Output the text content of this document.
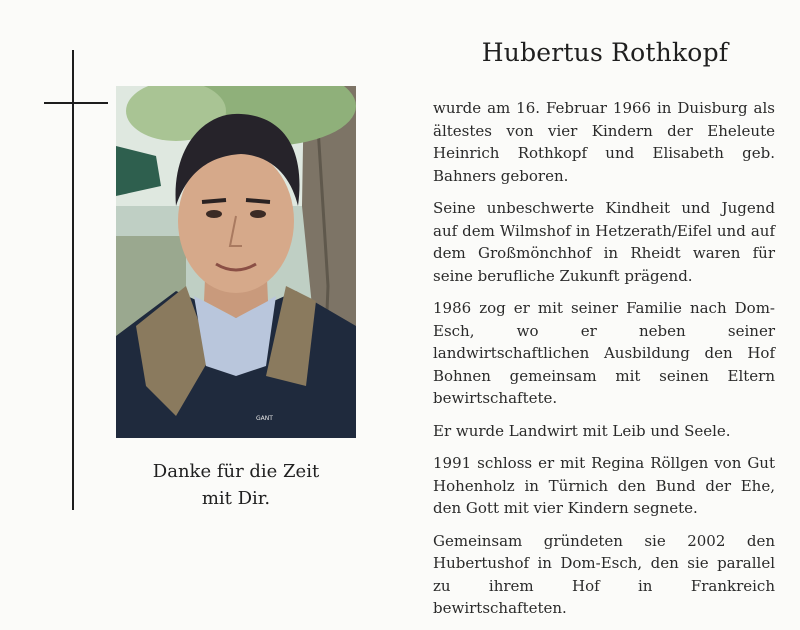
GANT
Danke für die Zeit
mit Dir.
Hubertus Rothkopf

wurde am 16. Februar 1966 in Duisburg als ältestes von vier Kindern der Eheleute Heinrich Rothkopf und Elisabeth geb. Bahners geboren.

Seine unbeschwerte Kindheit und Jugend auf dem Wilmshof in Hetzerath/Eifel und auf dem Großmönchhof in Rheidt waren für seine berufliche Zukunft prägend.

1986 zog er mit seiner Familie nach Dom-Esch, wo er neben seiner landwirtschaftlichen Ausbildung den Hof Bohnen gemeinsam mit seinen Eltern bewirtschaftete.

Er wurde Landwirt mit Leib und Seele.

1991 schloss er mit Regina Röllgen von Gut Hohenholz in Türnich den Bund der Ehe, den Gott mit vier Kindern segnete.

Gemeinsam gründeten sie 2002 den Hubertushof in Dom-Esch, den sie parallel zu ihrem Hof in Frankreich bewirtschafteten.
